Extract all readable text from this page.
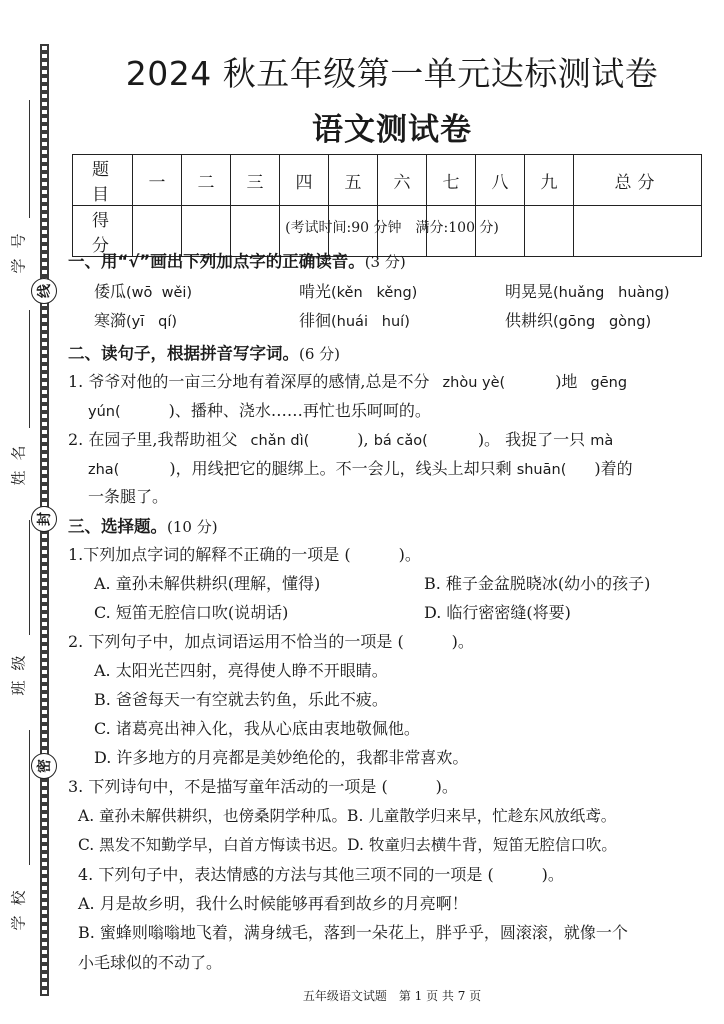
线
封
密
学号
姓名
班级
学校
2024 秋五年级第一单元达标测试卷
语文测试卷
题 目	一	二	三	四	五	六	七	八	九	总分
得 分										
(考试时间:90 分钟　满分:100 分)
一、用“√”画出下列加点字的正确读音。(3 分)
倭瓜(wō  wěi)	啃光(kěn   kěng)	明晃晃(huǎng   huàng)
寒漪(yī   qí)	徘徊(huái   huí)	供耕织(gōng   gòng)
二、读句子，根据拼音写字词。(6 分)
1. 爷爷对他的一亩三分地有着深厚的感情,总是不分 zhòu yè(	)地 gēng
yún(	)、播种、浇水……再忙也乐呵呵的。
2. 在园子里,我帮助祖父 chǎn dì(	), bá cǎo(	)。 我捉了一只 mà
zha(	)，用线把它的腿绑上。不一会儿，线头上却只剩 shuān( )着的
一条腿了。
三、选择题。(10 分)
1.下列加点字词的解释不正确的一项是 (　　　)。
A. 童孙未解供耕织(理解，懂得)	B. 稚子金盆脱晓冰(幼小的孩子)
C. 短笛无腔信口吹(说胡话)	D. 临行密密缝(将要)
2. 下列句子中，加点词语运用不恰当的一项是 (　　　)。
A. 太阳光芒四射，亮得使人睁不开眼睛。
B. 爸爸每天一有空就去钓鱼，乐此不疲。
C. 诸葛亮出神入化，我从心底由衷地敬佩他。
D. 许多地方的月亮都是美妙绝伦的，我都非常喜欢。
3. 下列诗句中，不是描写童年活动的一项是 (　　　)。
A. 童孙未解供耕织，也傍桑阴学种瓜。B. 儿童散学归来早，忙趁东风放纸鸢。
C. 黑发不知勤学早，白首方悔读书迟。D. 牧童归去横牛背，短笛无腔信口吹。
4. 下列句子中，表达情感的方法与其他三项不同的一项是 (　　　)。
A. 月是故乡明，我什么时候能够再看到故乡的月亮啊！
B. 蜜蜂则嗡嗡地飞着，满身绒毛，落到一朵花上，胖乎乎，圆滚滚，就像一个
小毛球似的不动了。
五年级语文试题　第 1 页 共 7 页
